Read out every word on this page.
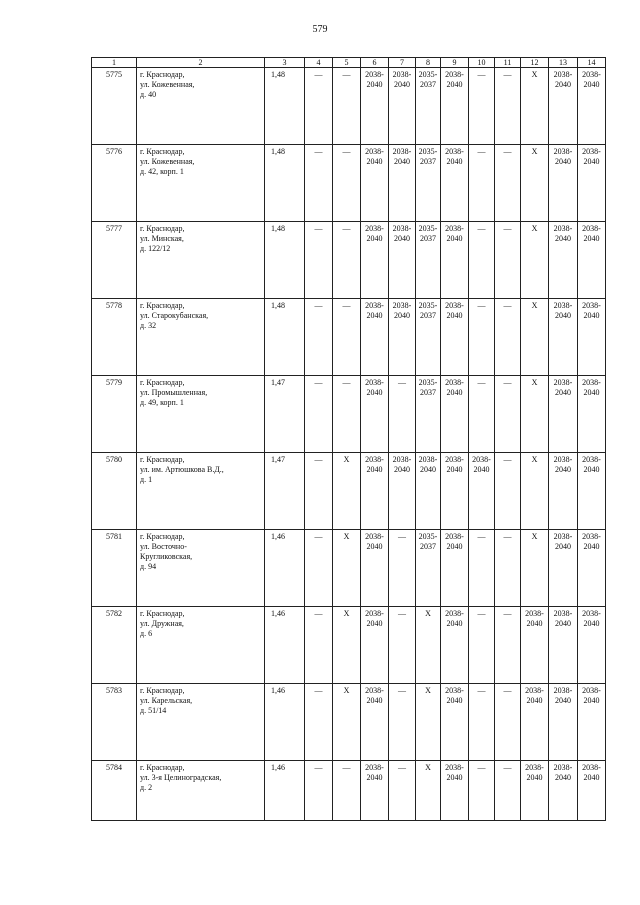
579
1	2	3	4	5	6	7	8	9	10	11	12	13	14
5775	г. Краснодар,
ул. Кожевенная,
д. 40	1,48	—	—	2038-
2040	2038-
2040	2035-
2037	2038-
2040	—	—	X	2038-
2040	2038-
2040

5776	г. Краснодар,
ул. Кожевенная,
д. 42, корп. 1	1,48	—	—	2038-
2040	2038-
2040	2035-
2037	2038-
2040	—	—	X	2038-
2040	2038-
2040

5777	г. Краснодар,
ул. Минская,
д. 122/12	1,48	—	—	2038-
2040	2038-
2040	2035-
2037	2038-
2040	—	—	X	2038-
2040	2038-
2040

5778	г. Краснодар,
ул. Старокубанская,
д. 32	1,48	—	—	2038-
2040	2038-
2040	2035-
2037	2038-
2040	—	—	X	2038-
2040	2038-
2040

5779	г. Краснодар,
ул. Промышленная,
д. 49, корп. 1	1,47	—	—	2038-
2040	—	2035-
2037	2038-
2040	—	—	X	2038-
2040	2038-
2040

5780	г. Краснодар,
ул. им. Артюшкова В.Д.,
д. 1	1,47	—	X	2038-
2040	2038-
2040	2038-
2040	2038-
2040	2038-
2040	—	X	2038-
2040	2038-
2040

5781	г. Краснодар,
ул. Восточно-
Кругликовская,
д. 94	1,46	—	X	2038-
2040	—	2035-
2037	2038-
2040	—	—	X	2038-
2040	2038-
2040

5782	г. Краснодар,
ул. Дружная,
д. 6	1,46	—	X	2038-
2040	—	X	2038-
2040	—	—	2038-
2040	2038-
2040	2038-
2040

5783	г. Краснодар,
ул. Карельская,
д. 51/14	1,46	—	X	2038-
2040	—	X	2038-
2040	—	—	2038-
2040	2038-
2040	2038-
2040

5784	г. Краснодар,
ул. 3-я Целиноградская,
д. 2	1,46	—	—	2038-
2040	—	X	2038-
2040	—	—	2038-
2040	2038-
2040	2038-
2040
